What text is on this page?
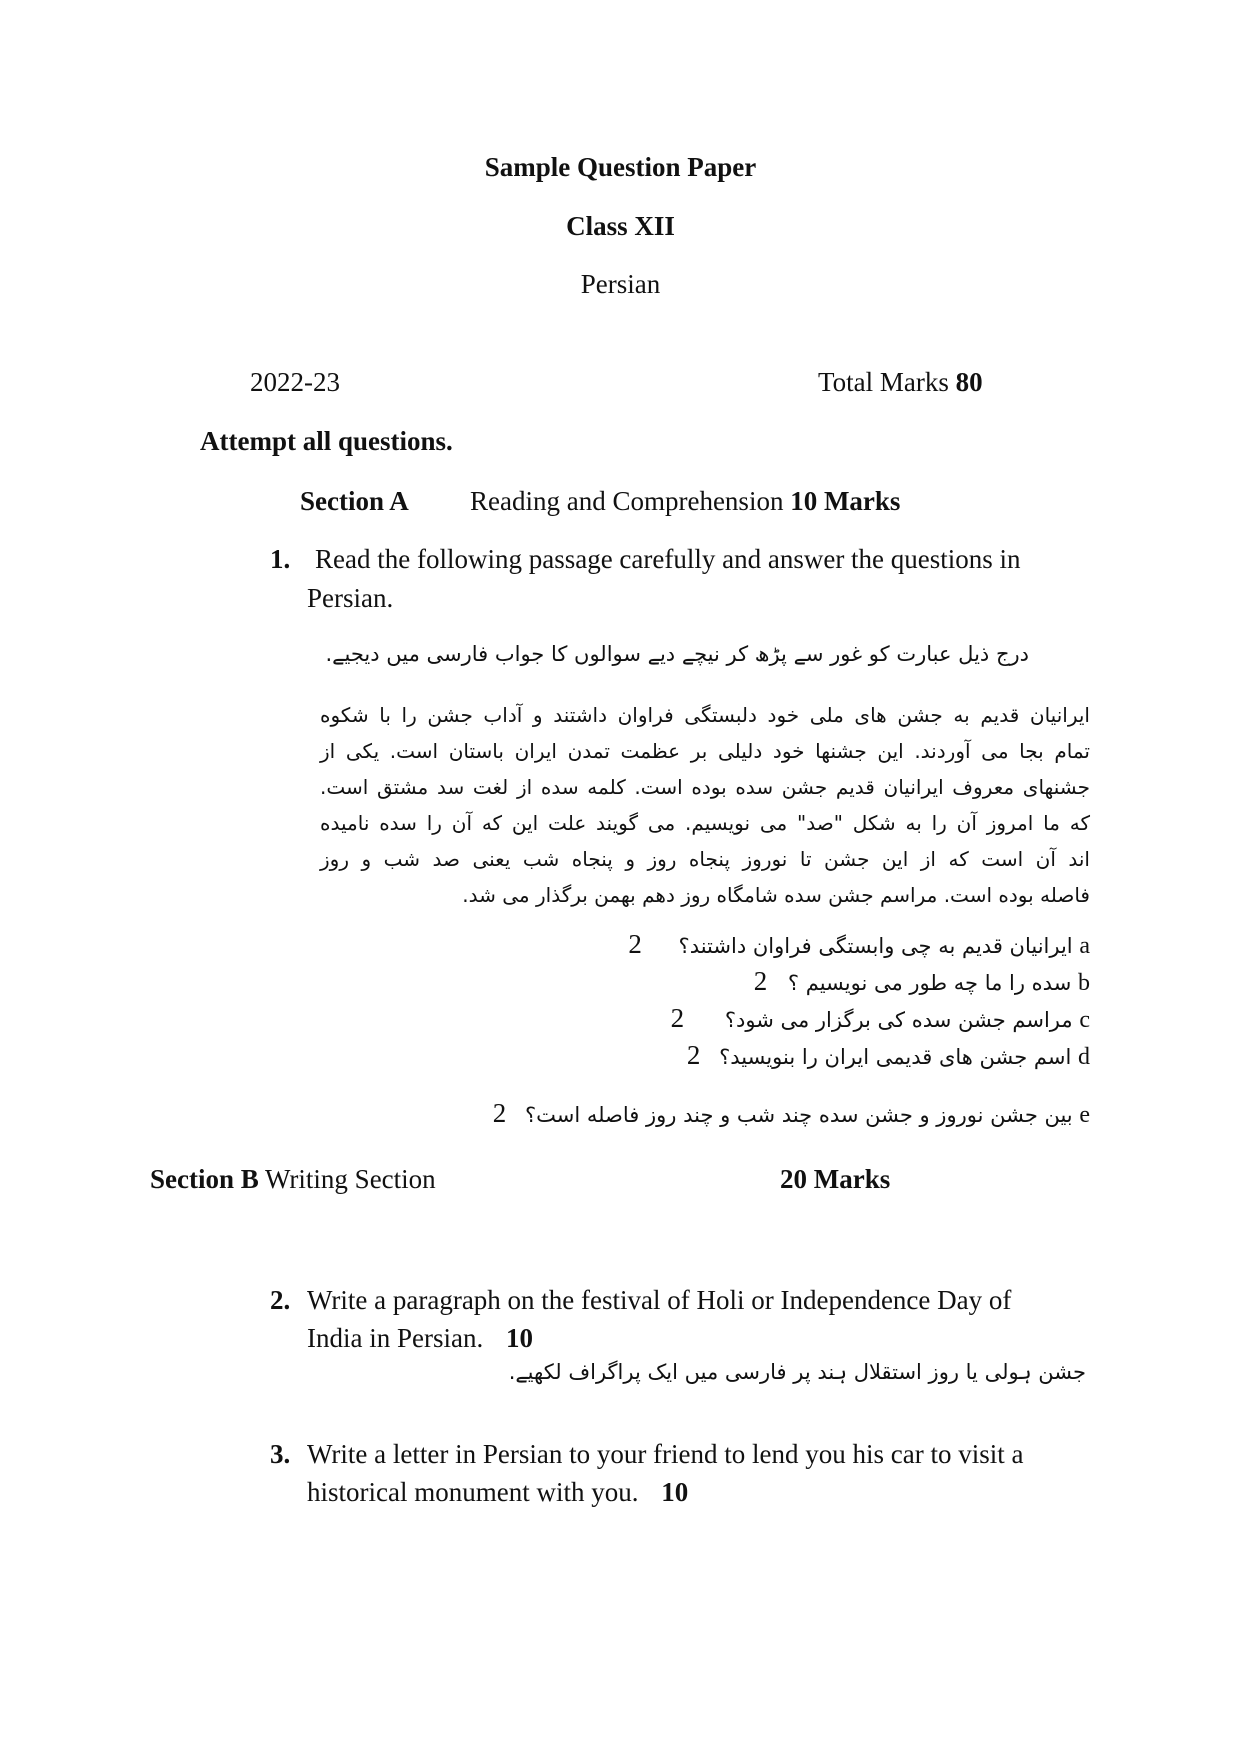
Sample Question Paper
Class XII
Persian
2022-23	Total Marks 80
Attempt all questions.
Section A Reading and Comprehension 10 Marks
1. Read the following passage carefully and answer the questions in
Persian.
درج ذیل عبارت کو غور سے پڑھ کر نیچے دیے سوالوں کا جواب فارسی میں دیجیے.
ایرانیان قدیم به جشن های ملی خود دلبستگی فراوان داشتند و آداب جشن را با شکوه
تمام بجا می آوردند. این جشنها خود دلیلی بر عظمت تمدن ایران باستان است. یکی از
جشنهای معروف ایرانیان قدیم جشن سده بوده است. کلمه سده از لغت سد مشتق است.
که ما امروز آن را به شکل "صد" می نویسیم. می گویند علت این که آن را سده نامیده
اند آن است که از این جشن تا نوروز پنجاه روز و پنجاه شب یعنی صد شب و روز
فاصله بوده است. مراسم جشن سده شامگاه روز دهم بهمن برگذار می شد.
a ایرانیان قدیم به چی وابستگی فراوان داشتند؟ 2
b سده را ما چه طور می نویسیم ؟ 2
c مراسم جشن سده کی برگزار می شود؟ 2
d اسم جشن های قدیمی ایران را بنویسید؟ 2
e بین جشن نوروز و جشن سده چند شب و چند روز فاصله است؟ 2
Section B Writing Section	20 Marks
2. Write a paragraph on the festival of Holi or Independence Day of
India in Persian. 10
جشن ہولی یا روز استقلال ہند پر فارسی میں ایک پراگراف لکھیے.
3. Write a letter in Persian to your friend to lend you his car to visit a
historical monument with you. 10
